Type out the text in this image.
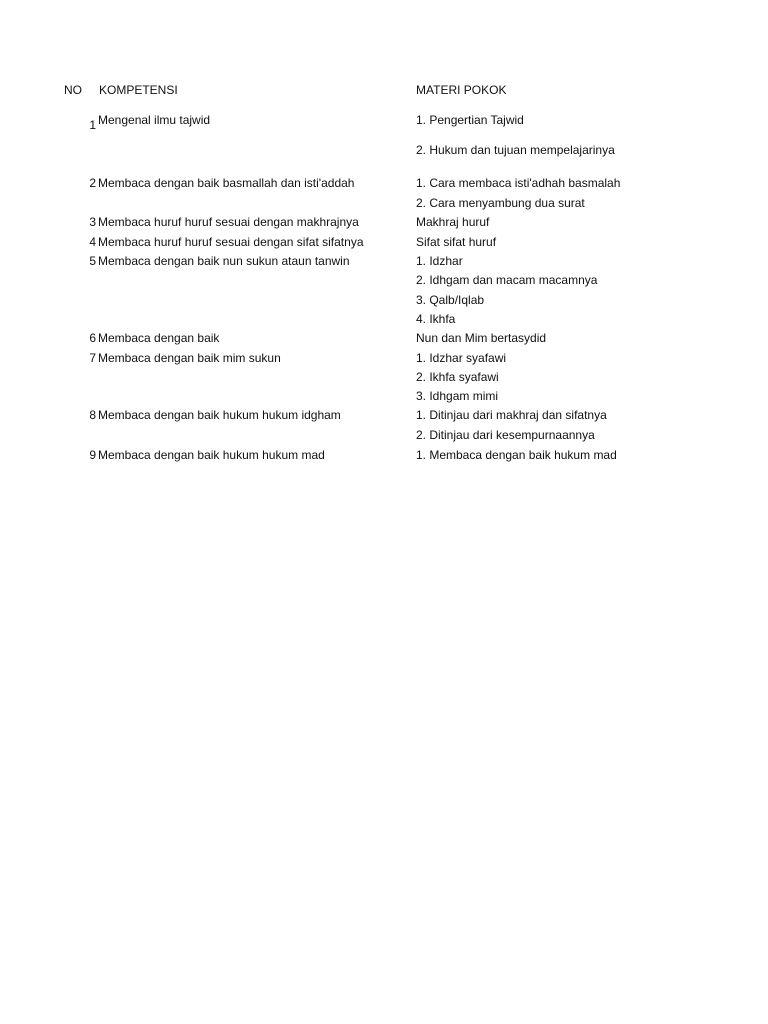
NO KOMPETENSI	MATERI POKOK
1 Mengenal ilmu tajwid	1. Pengertian Tajwid
2. Hukum dan tujuan mempelajarinya
2 Membaca dengan baik basmallah dan isti'addah	1. Cara membaca isti'adhah basmalah
2. Cara menyambung dua surat
3 Membaca huruf huruf sesuai dengan makhrajnya	Makhraj huruf
4 Membaca huruf huruf sesuai dengan sifat sifatnya	Sifat sifat huruf
5 Membaca dengan baik nun sukun ataun tanwin	1. Idzhar
2. Idhgam dan macam macamnya
3. Qalb/Iqlab
4. Ikhfa
6 Membaca dengan baik	Nun dan Mim bertasydid
7 Membaca dengan baik mim sukun	1. Idzhar syafawi
2. Ikhfa syafawi
3. Idhgam mimi
8 Membaca dengan baik hukum hukum idgham	1. Ditinjau dari makhraj dan sifatnya
2. Ditinjau dari kesempurnaannya
9 Membaca dengan baik hukum hukum mad	1. Membaca dengan baik hukum mad
